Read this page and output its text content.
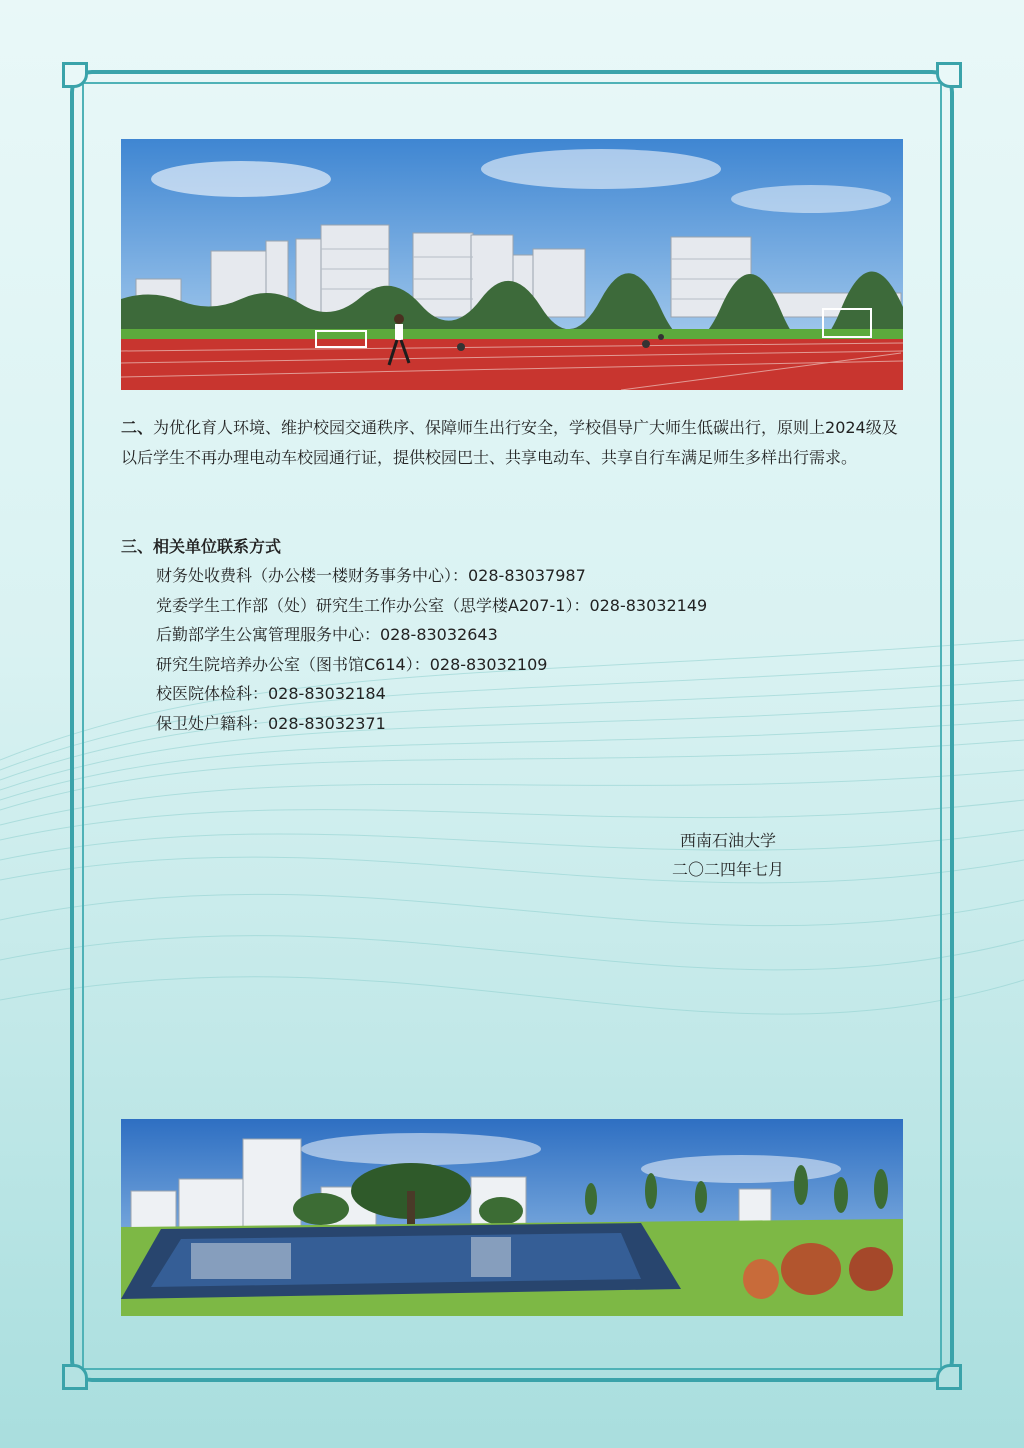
二、为优化育人环境、维护校园交通秩序、保障师生出行安全，学校倡导广大师生低碳出行，原则上2024级及以后学生不再办理电动车校园通行证，提供校园巴士、共享电动车、共享自行车满足师生多样出行需求。
三、相关单位联系方式
财务处收费科（办公楼一楼财务事务中心）：028-83037987
党委学生工作部（处）研究生工作办公室（思学楼A207-1）：028-83032149
后勤部学生公寓管理服务中心：028-83032643
研究生院培养办公室（图书馆C614）：028-83032109
校医院体检科：028-83032184
保卫处户籍科：028-83032371
西南石油大学
二〇二四年七月
